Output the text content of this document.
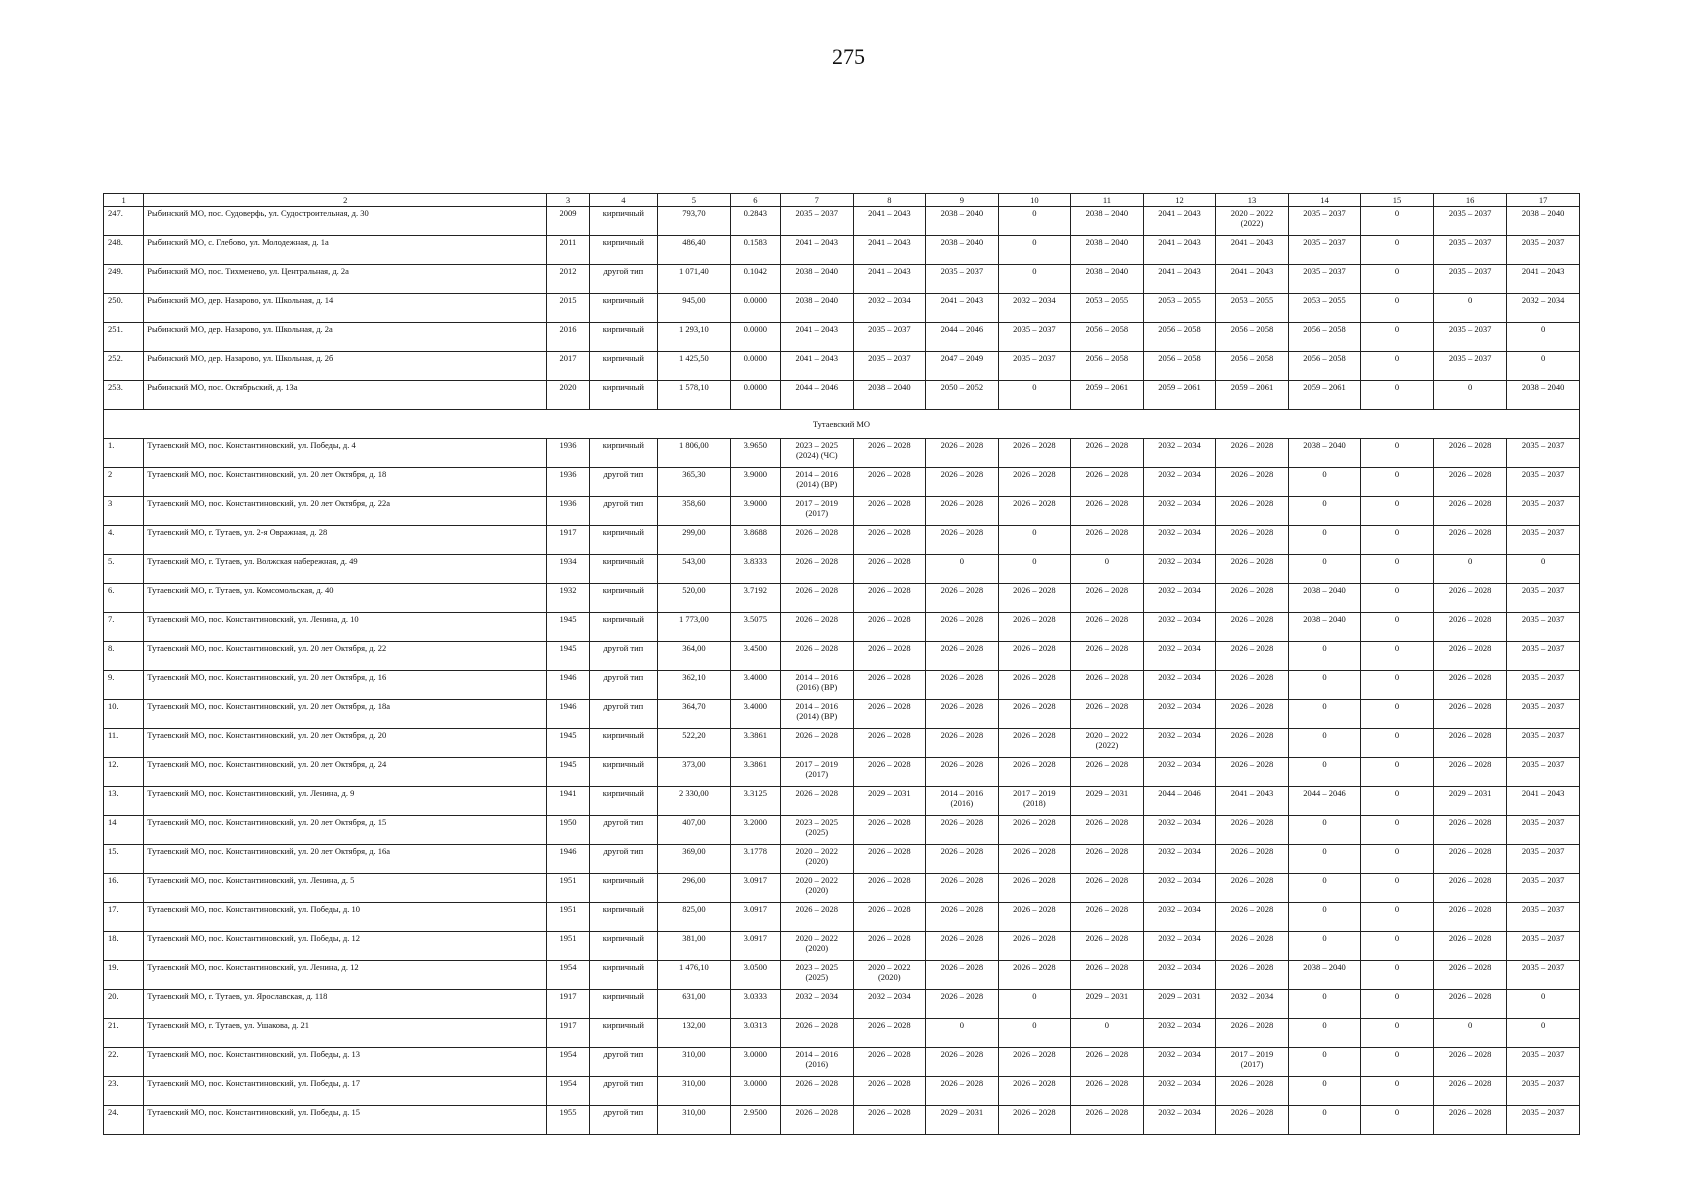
275
1	2	3	4	5	6	7	8	9	10	11	12	13	14	15	16	17
247.	Рыбинский МО, пос. Судоверфь, ул. Судостроительная, д. 30	2009	кирпичный	793,70	0.2843	2035 – 2037	2041 – 2043	2038 – 2040	0	2038 – 2040	2041 – 2043	2020 – 2022
(2022)	2035 – 2037	0	2035 – 2037	2038 – 2040
248.	Рыбинский МО, с. Глебово, ул. Молодежная, д. 1а	2011	кирпичный	486,40	0.1583	2041 – 2043	2041 – 2043	2038 – 2040	0	2038 – 2040	2041 – 2043	2041 – 2043	2035 – 2037	0	2035 – 2037	2035 – 2037
249.	Рыбинский МО, пос. Тихменево, ул. Центральная, д. 2а	2012	другой тип	1 071,40	0.1042	2038 – 2040	2041 – 2043	2035 – 2037	0	2038 – 2040	2041 – 2043	2041 – 2043	2035 – 2037	0	2035 – 2037	2041 – 2043
250.	Рыбинский МО, дер. Назарово, ул. Школьная, д. 14	2015	кирпичный	945,00	0.0000	2038 – 2040	2032 – 2034	2041 – 2043	2032 – 2034	2053 – 2055	2053 – 2055	2053 – 2055	2053 – 2055	0	0	2032 – 2034
251.	Рыбинский МО, дер. Назарово, ул. Школьная, д. 2а	2016	кирпичный	1 293,10	0.0000	2041 – 2043	2035 – 2037	2044 – 2046	2035 – 2037	2056 – 2058	2056 – 2058	2056 – 2058	2056 – 2058	0	2035 – 2037	0
252.	Рыбинский МО, дер. Назарово, ул. Школьная, д. 2б	2017	кирпичный	1 425,50	0.0000	2041 – 2043	2035 – 2037	2047 – 2049	2035 – 2037	2056 – 2058	2056 – 2058	2056 – 2058	2056 – 2058	0	2035 – 2037	0
253.	Рыбинский МО, пос. Октябрьский, д. 13а	2020	кирпичный	1 578,10	0.0000	2044 – 2046	2038 – 2040	2050 – 2052	0	2059 – 2061	2059 – 2061	2059 – 2061	2059 – 2061	0	0	2038 – 2040
Тутаевский МО																
1.	Тутаевский МО, пос. Константиновский, ул. Победы, д. 4	1936	кирпичный	1 806,00	3.9650	2023 – 2025
(2024) (ЧС)	2026 – 2028	2026 – 2028	2026 – 2028	2026 – 2028	2032 – 2034	2026 – 2028	2038 – 2040	0	2026 – 2028	2035 – 2037
2	Тутаевский МО, пос. Константиновский, ул. 20 лет Октября, д. 18	1936	другой тип	365,30	3.9000	2014 – 2016
(2014) (ВР)	2026 – 2028	2026 – 2028	2026 – 2028	2026 – 2028	2032 – 2034	2026 – 2028	0	0	2026 – 2028	2035 – 2037
3	Тутаевский МО, пос. Константиновский, ул. 20 лет Октября, д. 22а	1936	другой тип	358,60	3.9000	2017 – 2019
(2017)	2026 – 2028	2026 – 2028	2026 – 2028	2026 – 2028	2032 – 2034	2026 – 2028	0	0	2026 – 2028	2035 – 2037
4.	Тутаевский МО, г. Тутаев, ул. 2-я Овражная, д. 28	1917	кирпичный	299,00	3.8688	2026 – 2028	2026 – 2028	2026 – 2028	0	2026 – 2028	2032 – 2034	2026 – 2028	0	0	2026 – 2028	2035 – 2037
5.	Тутаевский МО, г. Тутаев, ул. Волжская набережная, д. 49	1934	кирпичный	543,00	3.8333	2026 – 2028	2026 – 2028	0	0	0	2032 – 2034	2026 – 2028	0	0	0	0
6.	Тутаевский МО, г. Тутаев, ул. Комсомольская, д. 40	1932	кирпичный	520,00	3.7192	2026 – 2028	2026 – 2028	2026 – 2028	2026 – 2028	2026 – 2028	2032 – 2034	2026 – 2028	2038 – 2040	0	2026 – 2028	2035 – 2037
7.	Тутаевский МО, пос. Константиновский, ул. Ленина, д. 10	1945	кирпичный	1 773,00	3.5075	2026 – 2028	2026 – 2028	2026 – 2028	2026 – 2028	2026 – 2028	2032 – 2034	2026 – 2028	2038 – 2040	0	2026 – 2028	2035 – 2037
8.	Тутаевский МО, пос. Константиновский, ул. 20 лет Октября, д. 22	1945	другой тип	364,00	3.4500	2026 – 2028	2026 – 2028	2026 – 2028	2026 – 2028	2026 – 2028	2032 – 2034	2026 – 2028	0	0	2026 – 2028	2035 – 2037
9.	Тутаевский МО, пос. Константиновский, ул. 20 лет Октября, д. 16	1946	другой тип	362,10	3.4000	2014 – 2016
(2016) (ВР)	2026 – 2028	2026 – 2028	2026 – 2028	2026 – 2028	2032 – 2034	2026 – 2028	0	0	2026 – 2028	2035 – 2037
10.	Тутаевский МО, пос. Константиновский, ул. 20 лет Октября, д. 18а	1946	другой тип	364,70	3.4000	2014 – 2016
(2014) (ВР)	2026 – 2028	2026 – 2028	2026 – 2028	2026 – 2028	2032 – 2034	2026 – 2028	0	0	2026 – 2028	2035 – 2037
11.	Тутаевский МО, пос. Константиновский, ул. 20 лет Октября, д. 20	1945	кирпичный	522,20	3.3861	2026 – 2028	2026 – 2028	2026 – 2028	2026 – 2028	2020 – 2022
(2022)	2032 – 2034	2026 – 2028	0	0	2026 – 2028	2035 – 2037
12.	Тутаевский МО, пос. Константиновский, ул. 20 лет Октября, д. 24	1945	кирпичный	373,00	3.3861	2017 – 2019
(2017)	2026 – 2028	2026 – 2028	2026 – 2028	2026 – 2028	2032 – 2034	2026 – 2028	0	0	2026 – 2028	2035 – 2037
13.	Тутаевский МО, пос. Константиновский, ул. Ленина, д. 9	1941	кирпичный	2 330,00	3.3125	2026 – 2028	2029 – 2031	2014 – 2016
(2016)	2017 – 2019
(2018)	2029 – 2031	2044 – 2046	2041 – 2043	2044 – 2046	0	2029 – 2031	2041 – 2043
14	Тутаевский МО, пос. Константиновский, ул. 20 лет Октября, д. 15	1950	другой тип	407,00	3.2000	2023 – 2025
(2025)	2026 – 2028	2026 – 2028	2026 – 2028	2026 – 2028	2032 – 2034	2026 – 2028	0	0	2026 – 2028	2035 – 2037
15.	Тутаевский МО, пос. Константиновский, ул. 20 лет Октября, д. 16а	1946	другой тип	369,00	3.1778	2020 – 2022
(2020)	2026 – 2028	2026 – 2028	2026 – 2028	2026 – 2028	2032 – 2034	2026 – 2028	0	0	2026 – 2028	2035 – 2037
16.	Тутаевский МО, пос. Константиновский, ул. Ленина, д. 5	1951	кирпичный	296,00	3.0917	2020 – 2022
(2020)	2026 – 2028	2026 – 2028	2026 – 2028	2026 – 2028	2032 – 2034	2026 – 2028	0	0	2026 – 2028	2035 – 2037
17.	Тутаевский МО, пос. Константиновский, ул. Победы, д. 10	1951	кирпичный	825,00	3.0917	2026 – 2028	2026 – 2028	2026 – 2028	2026 – 2028	2026 – 2028	2032 – 2034	2026 – 2028	0	0	2026 – 2028	2035 – 2037
18.	Тутаевский МО, пос. Константиновский, ул. Победы, д. 12	1951	кирпичный	381,00	3.0917	2020 – 2022
(2020)	2026 – 2028	2026 – 2028	2026 – 2028	2026 – 2028	2032 – 2034	2026 – 2028	0	0	2026 – 2028	2035 – 2037
19.	Тутаевский МО, пос. Константиновский, ул. Ленина, д. 12	1954	кирпичный	1 476,10	3.0500	2023 – 2025
(2025)	2020 – 2022
(2020)	2026 – 2028	2026 – 2028	2026 – 2028	2032 – 2034	2026 – 2028	2038 – 2040	0	2026 – 2028	2035 – 2037
20.	Тутаевский МО, г. Тутаев, ул. Ярославская, д. 118	1917	кирпичный	631,00	3.0333	2032 – 2034	2032 – 2034	2026 – 2028	0	2029 – 2031	2029 – 2031	2032 – 2034	0	0	2026 – 2028	0
21.	Тутаевский МО, г. Тутаев, ул. Ушакова, д. 21	1917	кирпичный	132,00	3.0313	2026 – 2028	2026 – 2028	0	0	0	2032 – 2034	2026 – 2028	0	0	0	0
22.	Тутаевский МО, пос. Константиновский, ул. Победы, д. 13	1954	другой тип	310,00	3.0000	2014 – 2016
(2016)	2026 – 2028	2026 – 2028	2026 – 2028	2026 – 2028	2032 – 2034	2017 – 2019
(2017)	0	0	2026 – 2028	2035 – 2037
23.	Тутаевский МО, пос. Константиновский, ул. Победы, д. 17	1954	другой тип	310,00	3.0000	2026 – 2028	2026 – 2028	2026 – 2028	2026 – 2028	2026 – 2028	2032 – 2034	2026 – 2028	0	0	2026 – 2028	2035 – 2037
24.	Тутаевский МО, пос. Константиновский, ул. Победы, д. 15	1955	другой тип	310,00	2.9500	2026 – 2028	2026 – 2028	2029 – 2031	2026 – 2028	2026 – 2028	2032 – 2034	2026 – 2028	0	0	2026 – 2028	2035 – 2037
